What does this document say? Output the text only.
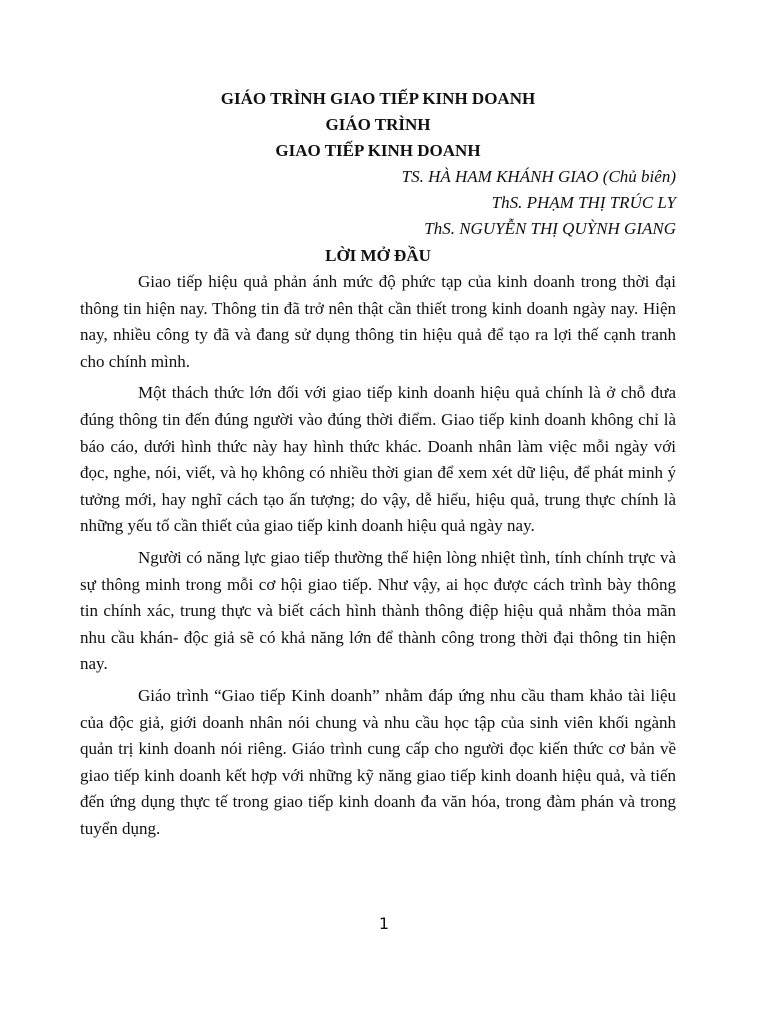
GIÁO TRÌNH GIAO TIẾP KINH DOANH

GIÁO TRÌNH

GIAO TIẾP KINH DOANH

TS. HÀ HAM KHÁNH GIAO (Chủ biên)

ThS. PHẠM THỊ TRÚC LY

ThS. NGUYỄN THỊ QUỲNH GIANG

LỜI MỞ ĐẦU

Giao tiếp hiệu quả phản ánh mức độ phức tạp của kinh doanh trong thời đại thông tin hiện nay. Thông tin đã trở nên thật cần thiết trong kinh doanh ngày nay. Hiện nay, nhiều công ty đã và đang sử dụng thông tin hiệu quả để tạo ra lợi thế cạnh tranh cho chính mình.

Một thách thức lớn đối với giao tiếp kinh doanh hiệu quả chính là ở chỗ đưa đúng thông tin đến đúng người vào đúng thời điểm. Giao tiếp kinh doanh không chỉ là báo cáo, dưới hình thức này hay hình thức khác. Doanh nhân làm việc mỗi ngày với đọc, nghe, nói, viết, và họ không có nhiều thời gian để xem xét dữ liệu, để phát minh ý tưởng mới, hay nghĩ cách tạo ấn tượng; do vậy, dễ hiểu, hiệu quả, trung thực chính là những yếu tố cần thiết của giao tiếp kinh doanh hiệu quả ngày nay.

Người có năng lực giao tiếp thường thể hiện lòng nhiệt tình, tính chính trực và sự thông minh trong mỗi cơ hội giao tiếp. Như vậy, ai học được cách trình bày thông tin chính xác, trung thực và biết cách hình thành thông điệp hiệu quả nhằm thỏa mãn nhu cầu khán- độc giả sẽ có khả năng lớn để thành công trong thời đại thông tin hiện nay.

Giáo trình “Giao tiếp Kinh doanh” nhằm đáp ứng nhu cầu tham khảo tài liệu của độc giả, giới doanh nhân nói chung và nhu cầu học tập của sinh viên khối ngành quản trị kinh doanh nói riêng. Giáo trình cung cấp cho người đọc kiến thức cơ bản về giao tiếp kinh doanh kết hợp với những kỹ năng giao tiếp kinh doanh hiệu quả, và tiến đến ứng dụng thực tế trong giao tiếp kinh doanh đa văn hóa, trong đàm phán và trong tuyển dụng.

1
